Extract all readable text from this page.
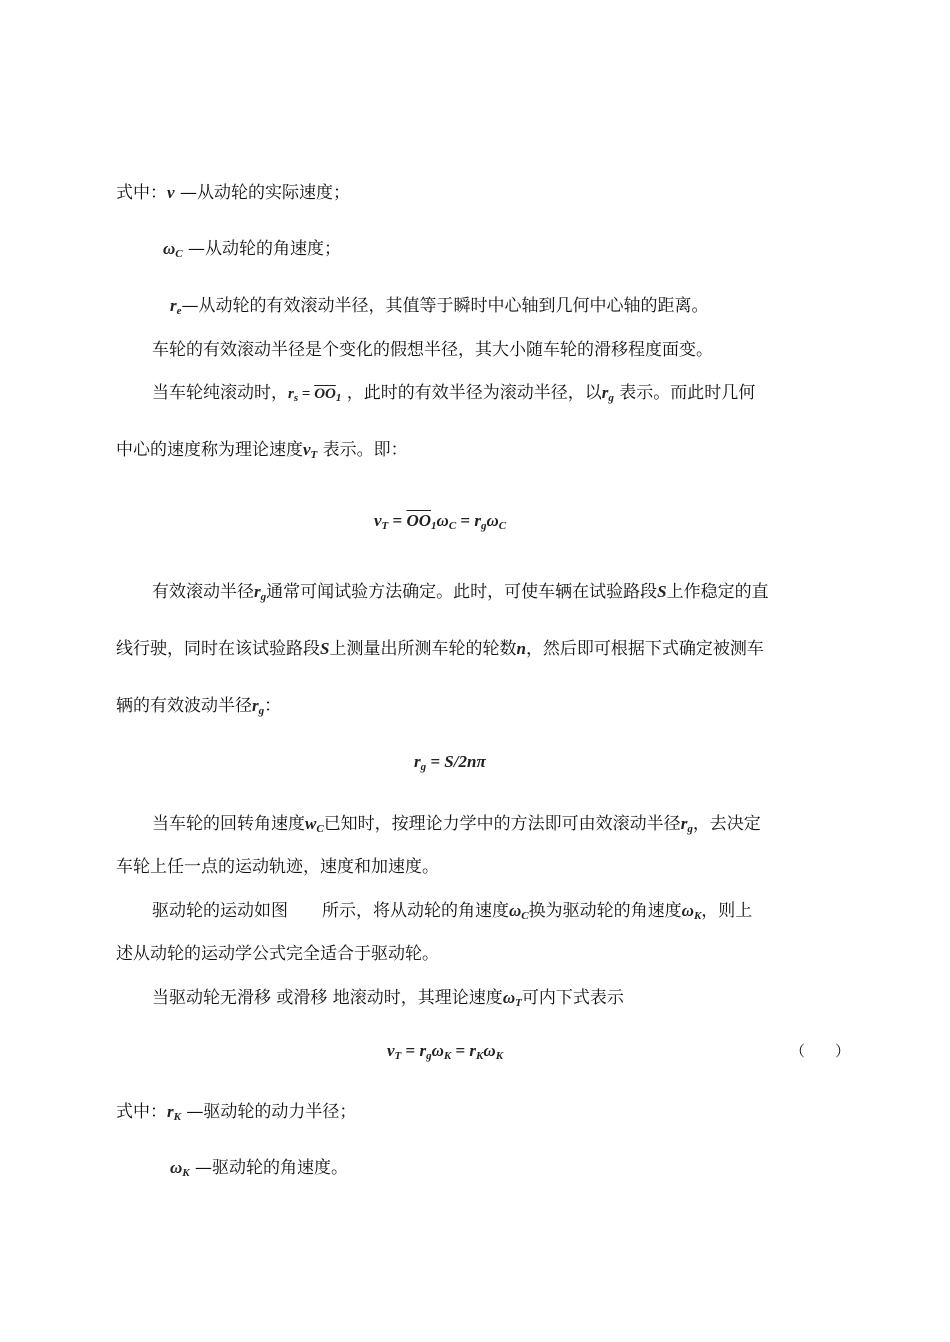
式中：v —从动轮的实际速度；
$\omega_C$ —从动轮的角速度；
$r_e—$从动轮的有效滚动半径，其值等于瞬时中心轴到几何中心轴的距离。
车轮的有效滚动半径是个变化的假想半径，其大小随车轮的滑移程度面变。
当车轮纯滚动时，$r_s = \overline{OO}_1$ ，此时的有效半径为滚动半径，以$r_g$ 表示。而此时几何
中心的速度称为理论速度$v_T$ 表示。即：
$v_T = \overline{OO}_1\omega_C = r_g\omega_C$
有效滚动半径$r_g$通常可闻试验方法确定。此时，可使车辆在试验路段S上作稳定的直
线行驶，同时在该试验路段S上测量出所测车轮的轮数n，然后即可根据下式确定被测车
辆的有效波动半径$r_g$：
$r_g = S/2n\pi$
当车轮的回转角速度$w_C$已知时，按理论力学中的方法即可由效滚动半径$r_g$，去决定
车轮上任一点的运动轨迹，速度和加速度。
驱动轮的运动如图　　 所示，将从动轮的角速度$\omega_C$换为驱动轮的角速度$\omega_K$，则上
述从动轮的运动学公式完全适合于驱动轮。
当驱动轮无滑移 或滑移 地滚动时，其理论速度$\omega_T$可内下式表示
$v_T = r_g\omega_K = r_K\omega_K$	（　　）
式中：$r_K$ —驱动轮的动力半径；
$\omega_K$ —驱动轮的角速度。
